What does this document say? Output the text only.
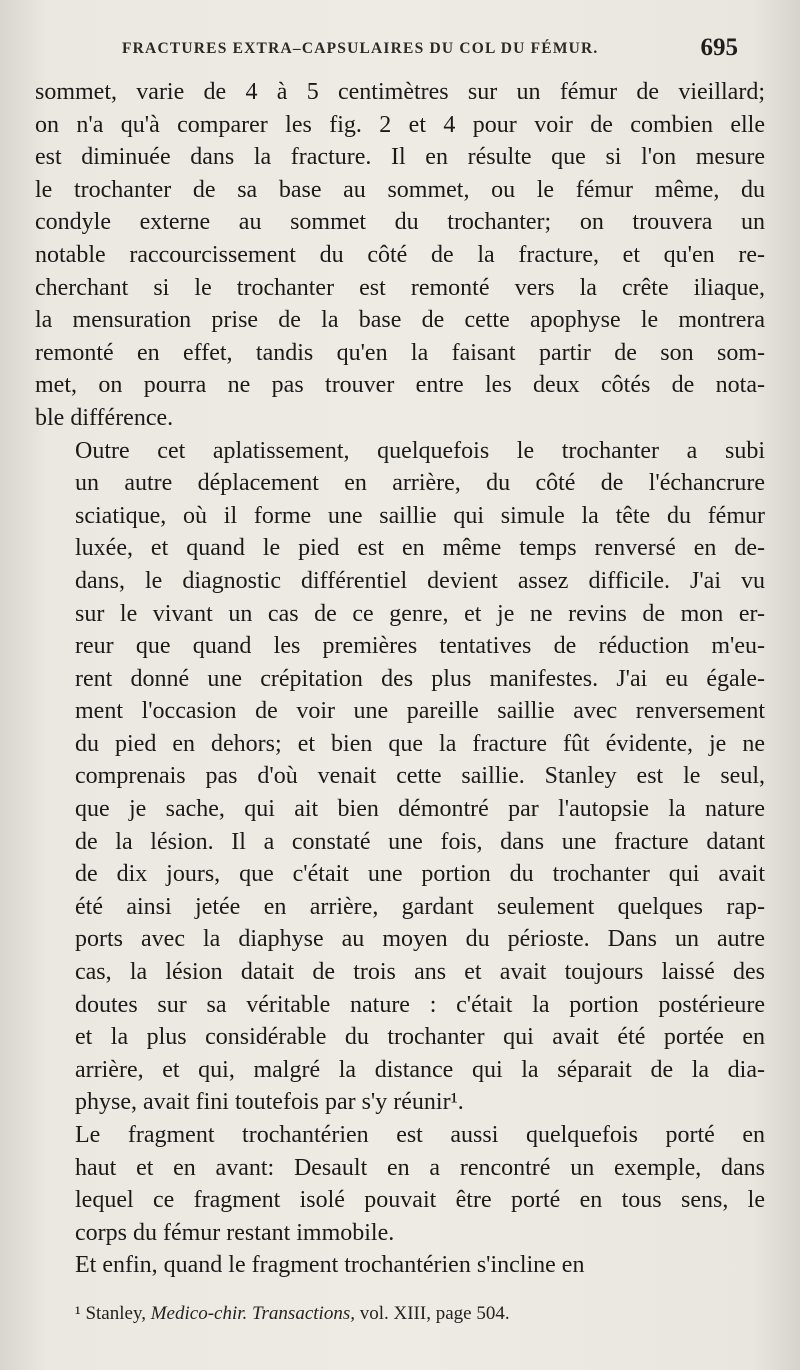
FRACTURES EXTRA–CAPSULAIRES DU COL DU FÉMUR.	695

sommet, varie de 4 à 5 centimètres sur un fémur de vieillard;
on n'a qu'à comparer les fig. 2 et 4 pour voir de combien elle
est diminuée dans la fracture. Il en résulte que si l'on mesure
le trochanter de sa base au sommet, ou le fémur même, du
condyle externe au sommet du trochanter; on trouvera un
notable raccourcissement du côté de la fracture, et qu'en re-
cherchant si le trochanter est remonté vers la crête iliaque,
la mensuration prise de la base de cette apophyse le montrera
remonté en effet, tandis qu'en la faisant partir de son som-
met, on pourra ne pas trouver entre les deux côtés de nota-
ble différence.

Outre cet aplatissement, quelquefois le trochanter a subi
un autre déplacement en arrière, du côté de l'échancrure
sciatique, où il forme une saillie qui simule la tête du fémur
luxée, et quand le pied est en même temps renversé en de-
dans, le diagnostic différentiel devient assez difficile. J'ai vu
sur le vivant un cas de ce genre, et je ne revins de mon er-
reur que quand les premières tentatives de réduction m'eu-
rent donné une crépitation des plus manifestes. J'ai eu égale-
ment l'occasion de voir une pareille saillie avec renversement
du pied en dehors; et bien que la fracture fût évidente, je ne
comprenais pas d'où venait cette saillie. Stanley est le seul,
que je sache, qui ait bien démontré par l'autopsie la nature
de la lésion. Il a constaté une fois, dans une fracture datant
de dix jours, que c'était une portion du trochanter qui avait
été ainsi jetée en arrière, gardant seulement quelques rap-
ports avec la diaphyse au moyen du périoste. Dans un autre
cas, la lésion datait de trois ans et avait toujours laissé des
doutes sur sa véritable nature : c'était la portion postérieure
et la plus considérable du trochanter qui avait été portée en
arrière, et qui, malgré la distance qui la séparait de la dia-
physe, avait fini toutefois par s'y réunir¹.

Le fragment trochantérien est aussi quelquefois porté en
haut et en avant: Desault en a rencontré un exemple, dans
lequel ce fragment isolé pouvait être porté en tous sens, le
corps du fémur restant immobile.

Et enfin, quand le fragment trochantérien s'incline en

¹ Stanley, Medico-chir. Transactions, vol. XIII, page 504.
